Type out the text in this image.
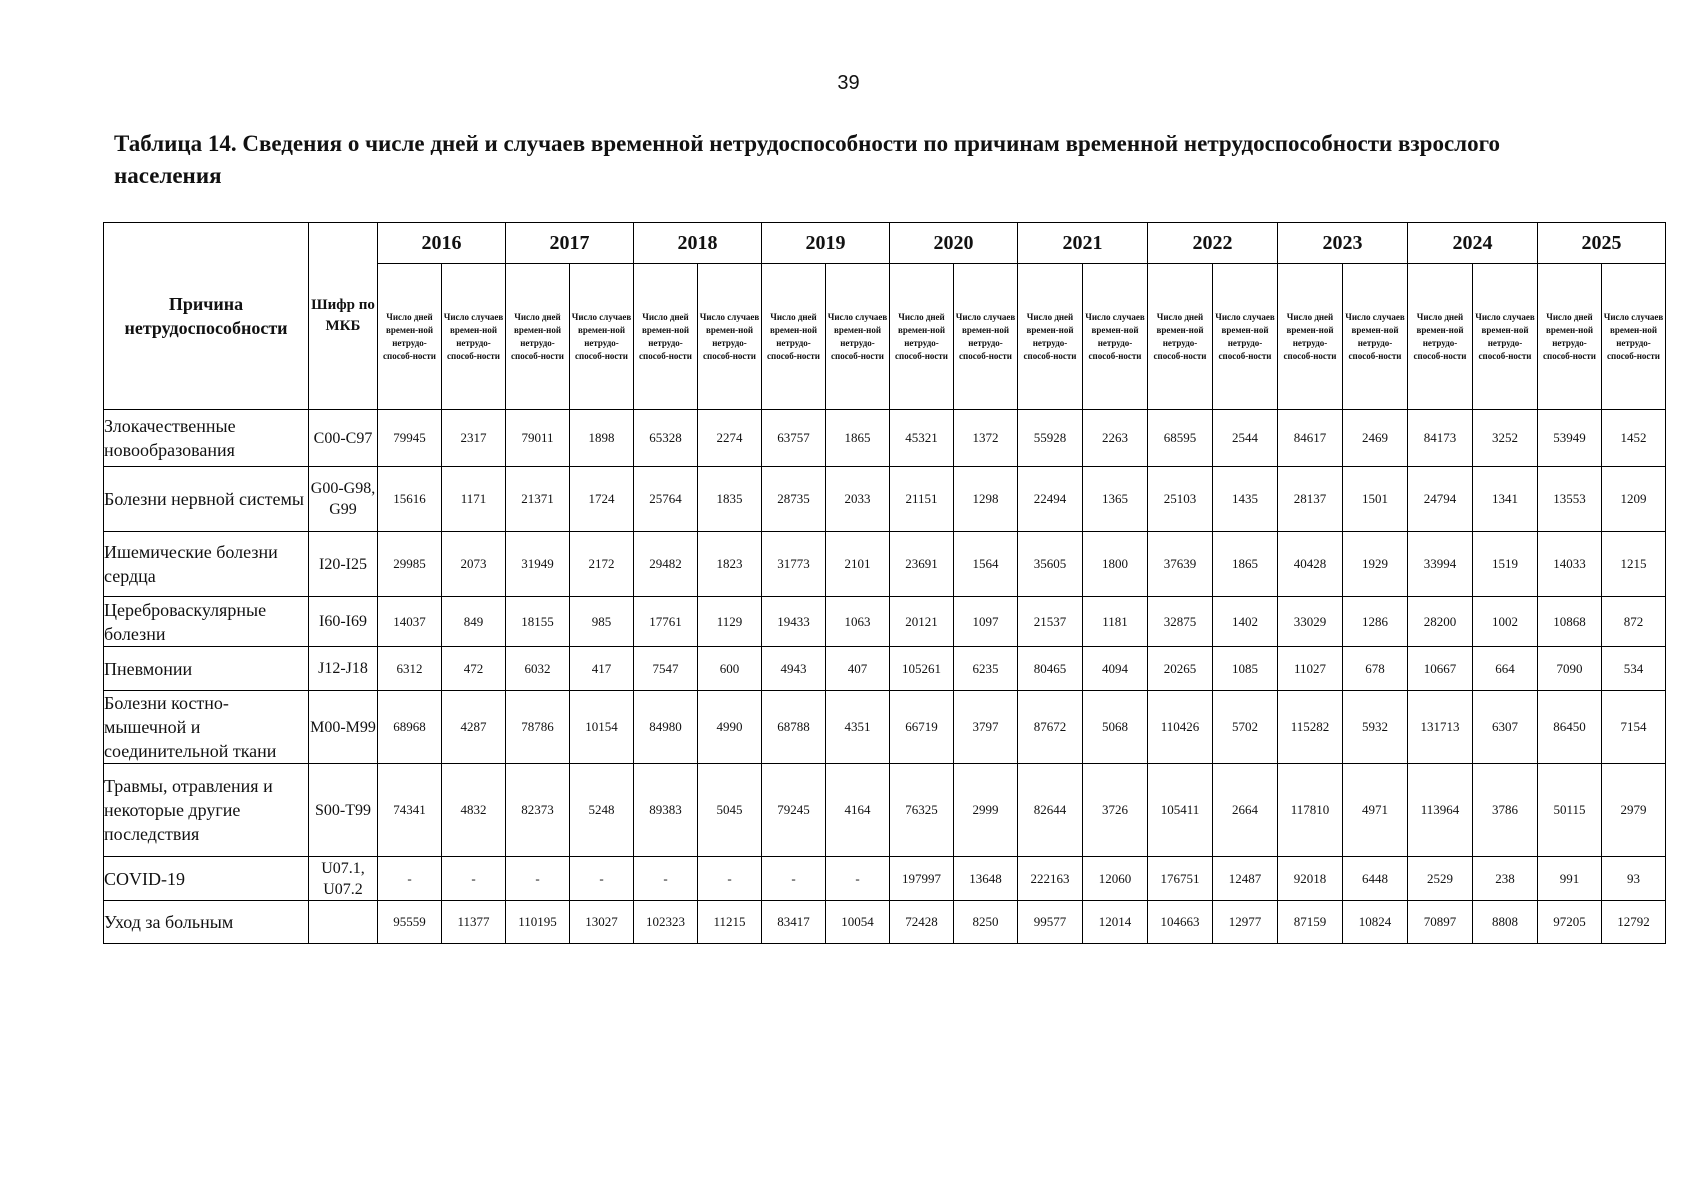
39
Таблица 14. Сведения о числе дней и случаев временной нетрудоспособности по причинам временной нетрудоспособности взрослого населения
Причина нетрудоспособности	Шифр по МКБ	2016		2017		2018		2019		2020		2021		2022		2023		2024		2025	
		Число дней времен-ной нетрудо-способ-ности	Число случаев времен-ной нетрудо-способ-ности	Число дней времен-ной нетрудо-способ-ности	Число случаев времен-ной нетрудо-способ-ности	Число дней времен-ной нетрудо-способ-ности	Число случаев времен-ной нетрудо-способ-ности	Число дней времен-ной нетрудо-способ-ности	Число случаев времен-ной нетрудо-способ-ности	Число дней времен-ной нетрудо-способ-ности	Число случаев времен-ной нетрудо-способ-ности	Число дней времен-ной нетрудо-способ-ности	Число случаев времен-ной нетрудо-способ-ности	Число дней времен-ной нетрудо-способ-ности	Число случаев времен-ной нетрудо-способ-ности	Число дней времен-ной нетрудо-способ-ности	Число случаев времен-ной нетрудо-способ-ности	Число дней времен-ной нетрудо-способ-ности	Число случаев времен-ной нетрудо-способ-ности	Число дней времен-ной нетрудо-способ-ности	Число случаев времен-ной нетрудо-способ-ности
Злокачественные новообразования	C00-C97	79945	2317	79011	1898	65328	2274	63757	1865	45321	1372	55928	2263	68595	2544	84617	2469	84173	3252	53949	1452
Болезни нервной системы	G00-G98, G99	15616	1171	21371	1724	25764	1835	28735	2033	21151	1298	22494	1365	25103	1435	28137	1501	24794	1341	13553	1209
Ишемические болезни сердца	I20-I25	29985	2073	31949	2172	29482	1823	31773	2101	23691	1564	35605	1800	37639	1865	40428	1929	33994	1519	14033	1215
Цереброваскулярные болезни	I60-I69	14037	849	18155	985	17761	1129	19433	1063	20121	1097	21537	1181	32875	1402	33029	1286	28200	1002	10868	872
Пневмонии	J12-J18	6312	472	6032	417	7547	600	4943	407	105261	6235	80465	4094	20265	1085	11027	678	10667	664	7090	534
Болезни костно-мышечной и соединительной ткани	M00-M99	68968	4287	78786	10154	84980	4990	68788	4351	66719	3797	87672	5068	110426	5702	115282	5932	131713	6307	86450	7154
Травмы, отравления и некоторые другие последствия	S00-T99	74341	4832	82373	5248	89383	5045	79245	4164	76325	2999	82644	3726	105411	2664	117810	4971	113964	3786	50115	2979
COVID-19	U07.1, U07.2	-	-	-	-	-	-	-	-	197997	13648	222163	12060	176751	12487	92018	6448	2529	238	991	93
Уход за больным		95559	11377	110195	13027	102323	11215	83417	10054	72428	8250	99577	12014	104663	12977	87159	10824	70897	8808	97205	12792
